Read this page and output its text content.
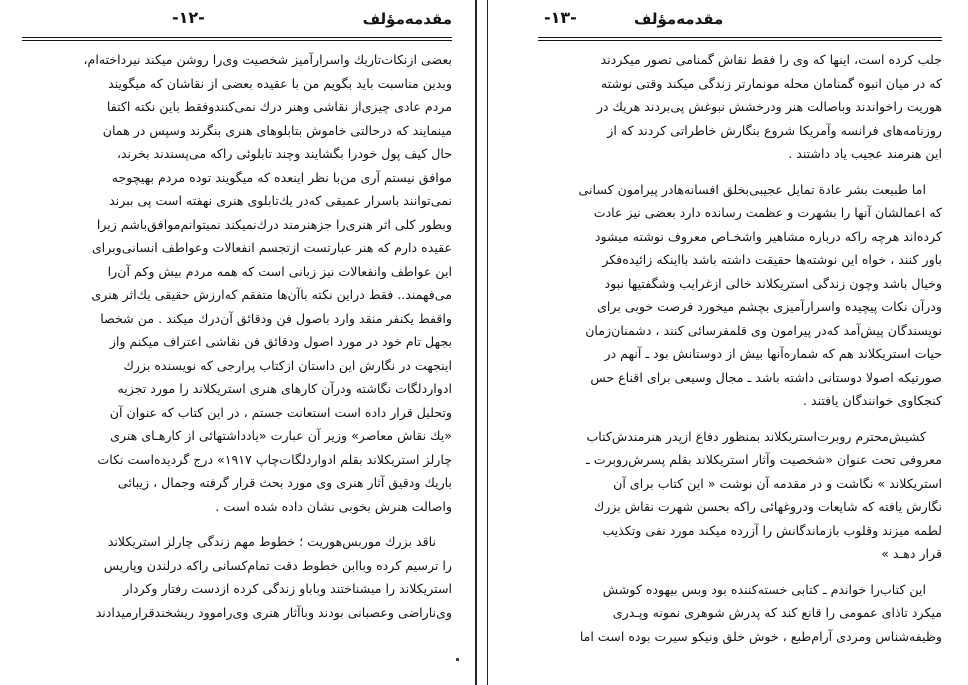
مقدمه‌مؤلف
-۱۲-

بعضی ازنکات‌تاریك واسرارآمیز شخصیت وی‌را روشن میکند نیرداخته‌ام،

وبدین مناسبت باید بگویم من با عقیده بعضی از نقاشان که میگویند

مردم عادی چیزی‌از نقاشی وهنر درك نمی‌کنند‌وفقط باین نکته اکتفا

مینمایند که درحالتی خاموش بتابلوهای هنری بنگرند وسپس در همان

حال کیف پول خودرا بگشایند وچند تابلوئی راکه می‌پسندند بخرند،

موافق نیستم آری من‌با نظر اینعده که میگویند توده مردم بهیچوجه

نمی‌توانند باسرار عمیقی که‌در یك‌تابلوی هنری نهفته است پی ببرند

وبطور کلی اثر هنری‌را جزهنرمند درك‌نمیکند نمیتوانم‌موافق‌باشم زیرا

عقیده دارم که هنر عبارتست ازتجسم انفعالات وعواطف انسانی‌وبرای

این عواطف وانفعالات نیز زبانی است که همه مردم بیش وکم آن‌را

می‌فهمند.. فقط دراین نکته باآن‌ها متفقم که‌ارزش حقیقی یك‌اثر هنری

واقفط یکنفر منقد وارد باصول فن ودقائق آن‌درك میکند . من شخصا

بجهل تام خود در مورد اصول ودقائق فن نقاشی اعتراف میکنم واز

اینجهت در نگارش این داستان ازکتاب پرارجی که نویسنده بزرك

ادواردلگات نگاشته ودرآن کارهای هنری استریکلاند را مورد تجزیه

وتحلیل قرار داده است استعانت جستم ، در این کتاب که عنوان آن

«یك نقاش معاصر» وزیر آن عبارت «یادداشتهائی از کارهـای هنری

چارلز استریکلاند بقلم ادواردلگات‌چاپ ۱۹۱۷» درج گردیده‌است نکات

باریك ودقیق آثار هنری وی مورد بحث قرار گرفته وجمال ، زیبائی

واصالت هنرش بخوبی نشان داده شده است .

ناقد بزرك موربس‌هوریت ؛ خطوط مهم زندگی چارلز استریکلاند

را ترسیم کرده وباابن خطوط دقت تمام‌کسانی راکه درلندن وپاریس

استریکلاند را میشناختند وباباو زندگی کرده ازدست رفتار وکردار

وی‌ناراضی وعصبانی بودند وباآثار هنری وی‌راموود ریشخندقرارمیدادند

مقدمه‌مؤلف
-۱۳-

جلب کرده است، اینها که وی را فقط نقاش گمنامی تصور میکردند

که در میان انبوه گمنامان محله مونمارتر زندگی میکند وقتی نوشته

هوریت راخواندند وباصالت هنر ودرخشش نبوغش پی‌بردند هریك در

روزنامه‌های فرانسه وآمریکا شروع بنگارش خاطراتی کردند که از

این هنرمند عجیب یاد داشتند .

اما طبیعت بشر عادة تمایل عجیبی‌بخلق افسانه‌هادر پیرامون کسانی

که اعمالشان آنها را بشهرت و عظمت رسانده دارد بعضی نیز عادت

کرده‌اند هرچه راکه درباره مشاهیر واشخـاص معروف نوشته میشود

باور کنند ، خواه این نوشته‌ها حقیقت داشته باشد بااینکه زائیده‌فکر

وخیال باشد وچون زندگی استریکلاند خالی ازغرایب وشگفتیها نبود

ودرآن نکات پیچیده واسرارآمیزی بچشم میخورد فرصت خوبی برای

نویسندگان پیش‌آمد که‌در پیرامون وی قلمفرسائی کنند ، دشمنان‌زمان

حیات استریکلاند هم که شماره‌آنها بیش از دوستانش بود ـ آنهم در

صورتیکه اصولا دوستانی داشته باشد ـ مجال وسیعی برای اقناع حس

کنجکاوی خوانندگان یافتند .

کشیش‌محترم روبرت‌استریکلاند بمنظور دفاع ازپدر هنرمندش‌کتاب

معروفی تحت عنوان «شخصیت وآثار استریکلاند بقلم پسرش‌روبرت ـ

استریکلاند » نگاشت و در مقدمه آن نوشت « این کتاب برای آن

نگارش یافته که شایعات ودروغهائی راکه بحسن شهرت نقاش بزرك

لطمه میزند وقلوب بازماندگانش را آزرده میکند مورد نفی وتکذیب

قرار دهـد »

این کتاب‌را خواندم ـ کتابی خسته‌کننده بود وبس بیهوده کوشش

میکرد تاذاى عمومی را قانع کند که پدرش شوهری نمونه وپـدری

وظیفه‌شناس ومردی آرام‌طبع ، خوش خلق ونیکو سیرت بوده است اما
